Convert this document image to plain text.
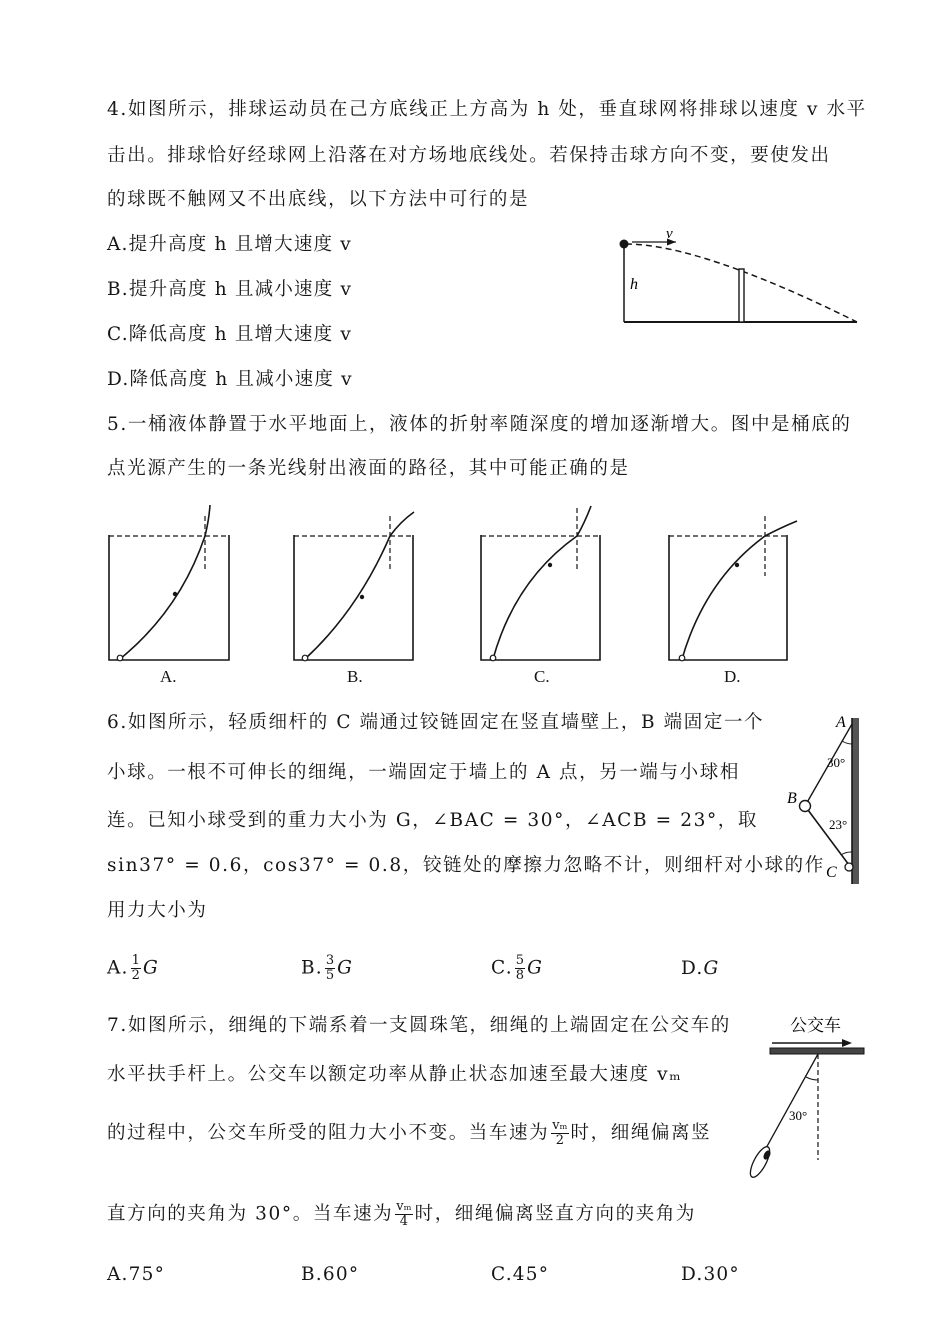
4.如图所示，排球运动员在己方底线正上方高为 h 处，垂直球网将排球以速度 v 水平
击出。排球恰好经球网上沿落在对方场地底线处。若保持击球方向不变，要使发出
的球既不触网又不出底线，以下方法中可行的是
A.提升高度 h 且增大速度 v
B.提升高度 h 且减小速度 v
C.降低高度 h 且增大速度 v
D.降低高度 h 且减小速度 v
v
h
5.一桶液体静置于水平地面上，液体的折射率随深度的增加逐渐增大。图中是桶底的
点光源产生的一条光线射出液面的路径，其中可能正确的是
A.	B.	C.	D.
6.如图所示，轻质细杆的 C 端通过铰链固定在竖直墙壁上，B 端固定一个
小球。一根不可伸长的细绳，一端固定于墙上的 A 点，另一端与小球相
连。已知小球受到的重力大小为 G，∠BAC = 30°，∠ACB = 23°，取
sin37° = 0.6，cos37° = 0.8，铰链处的摩擦力忽略不计，则细杆对小球的作
用力大小为
A. $\frac{1}{2}$ G	B. $\frac{3}{5}$ G	C. $\frac{5}{8}$ G	D.G
A
B
C
30°
23°
7.如图所示，细绳的下端系着一支圆珠笔，细绳的上端固定在公交车的
水平扶手杆上。公交车以额定功率从静止状态加速至最大速度 vₘ
的过程中，公交车所受的阻力大小不变。当车速为 $\frac{\text{vₘ}}{2}$ 时，细绳偏离竖
直方向的夹角为 30°。当车速为 $\frac{\text{vₘ}}{4}$ 时，细绳偏离竖直方向的夹角为
A.75°	B.60°	C.45°	D.30°
公交车
30°
